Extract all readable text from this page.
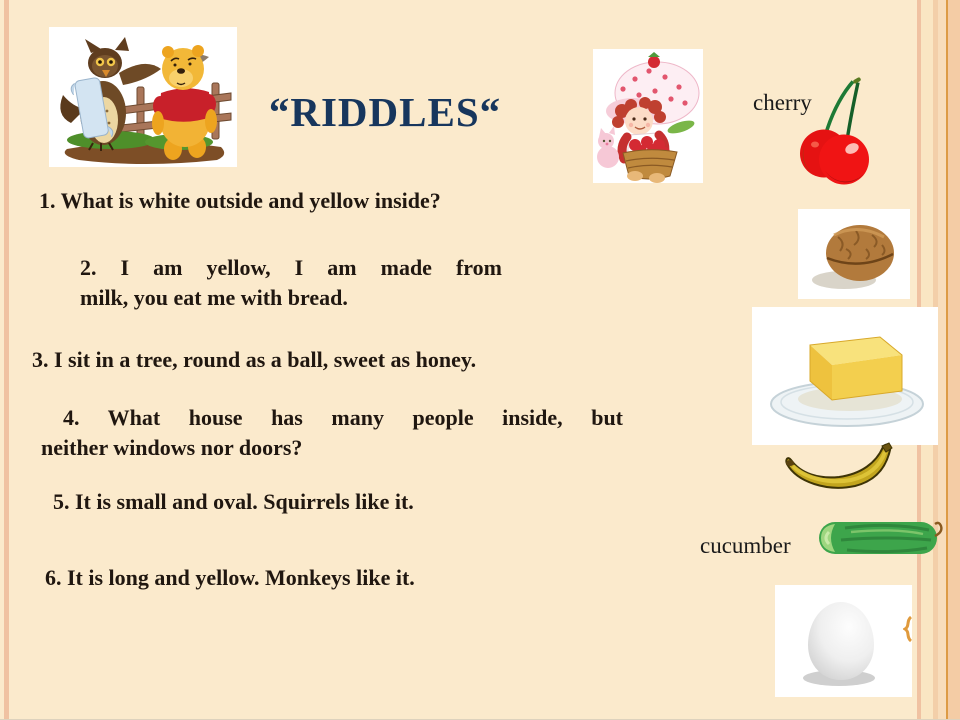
“RIDDLES“	cherry
cucumber
1. What is white outside and yellow inside?
2. I am yellow, I am made from
milk, you eat me with bread.
3. I sit in a tree, round as a ball, sweet as honey.
4. What house has many people inside, but
neither windows nor doors?
5. It is small and oval. Squirrels like it.
6. It is long and yellow. Monkeys like it.
